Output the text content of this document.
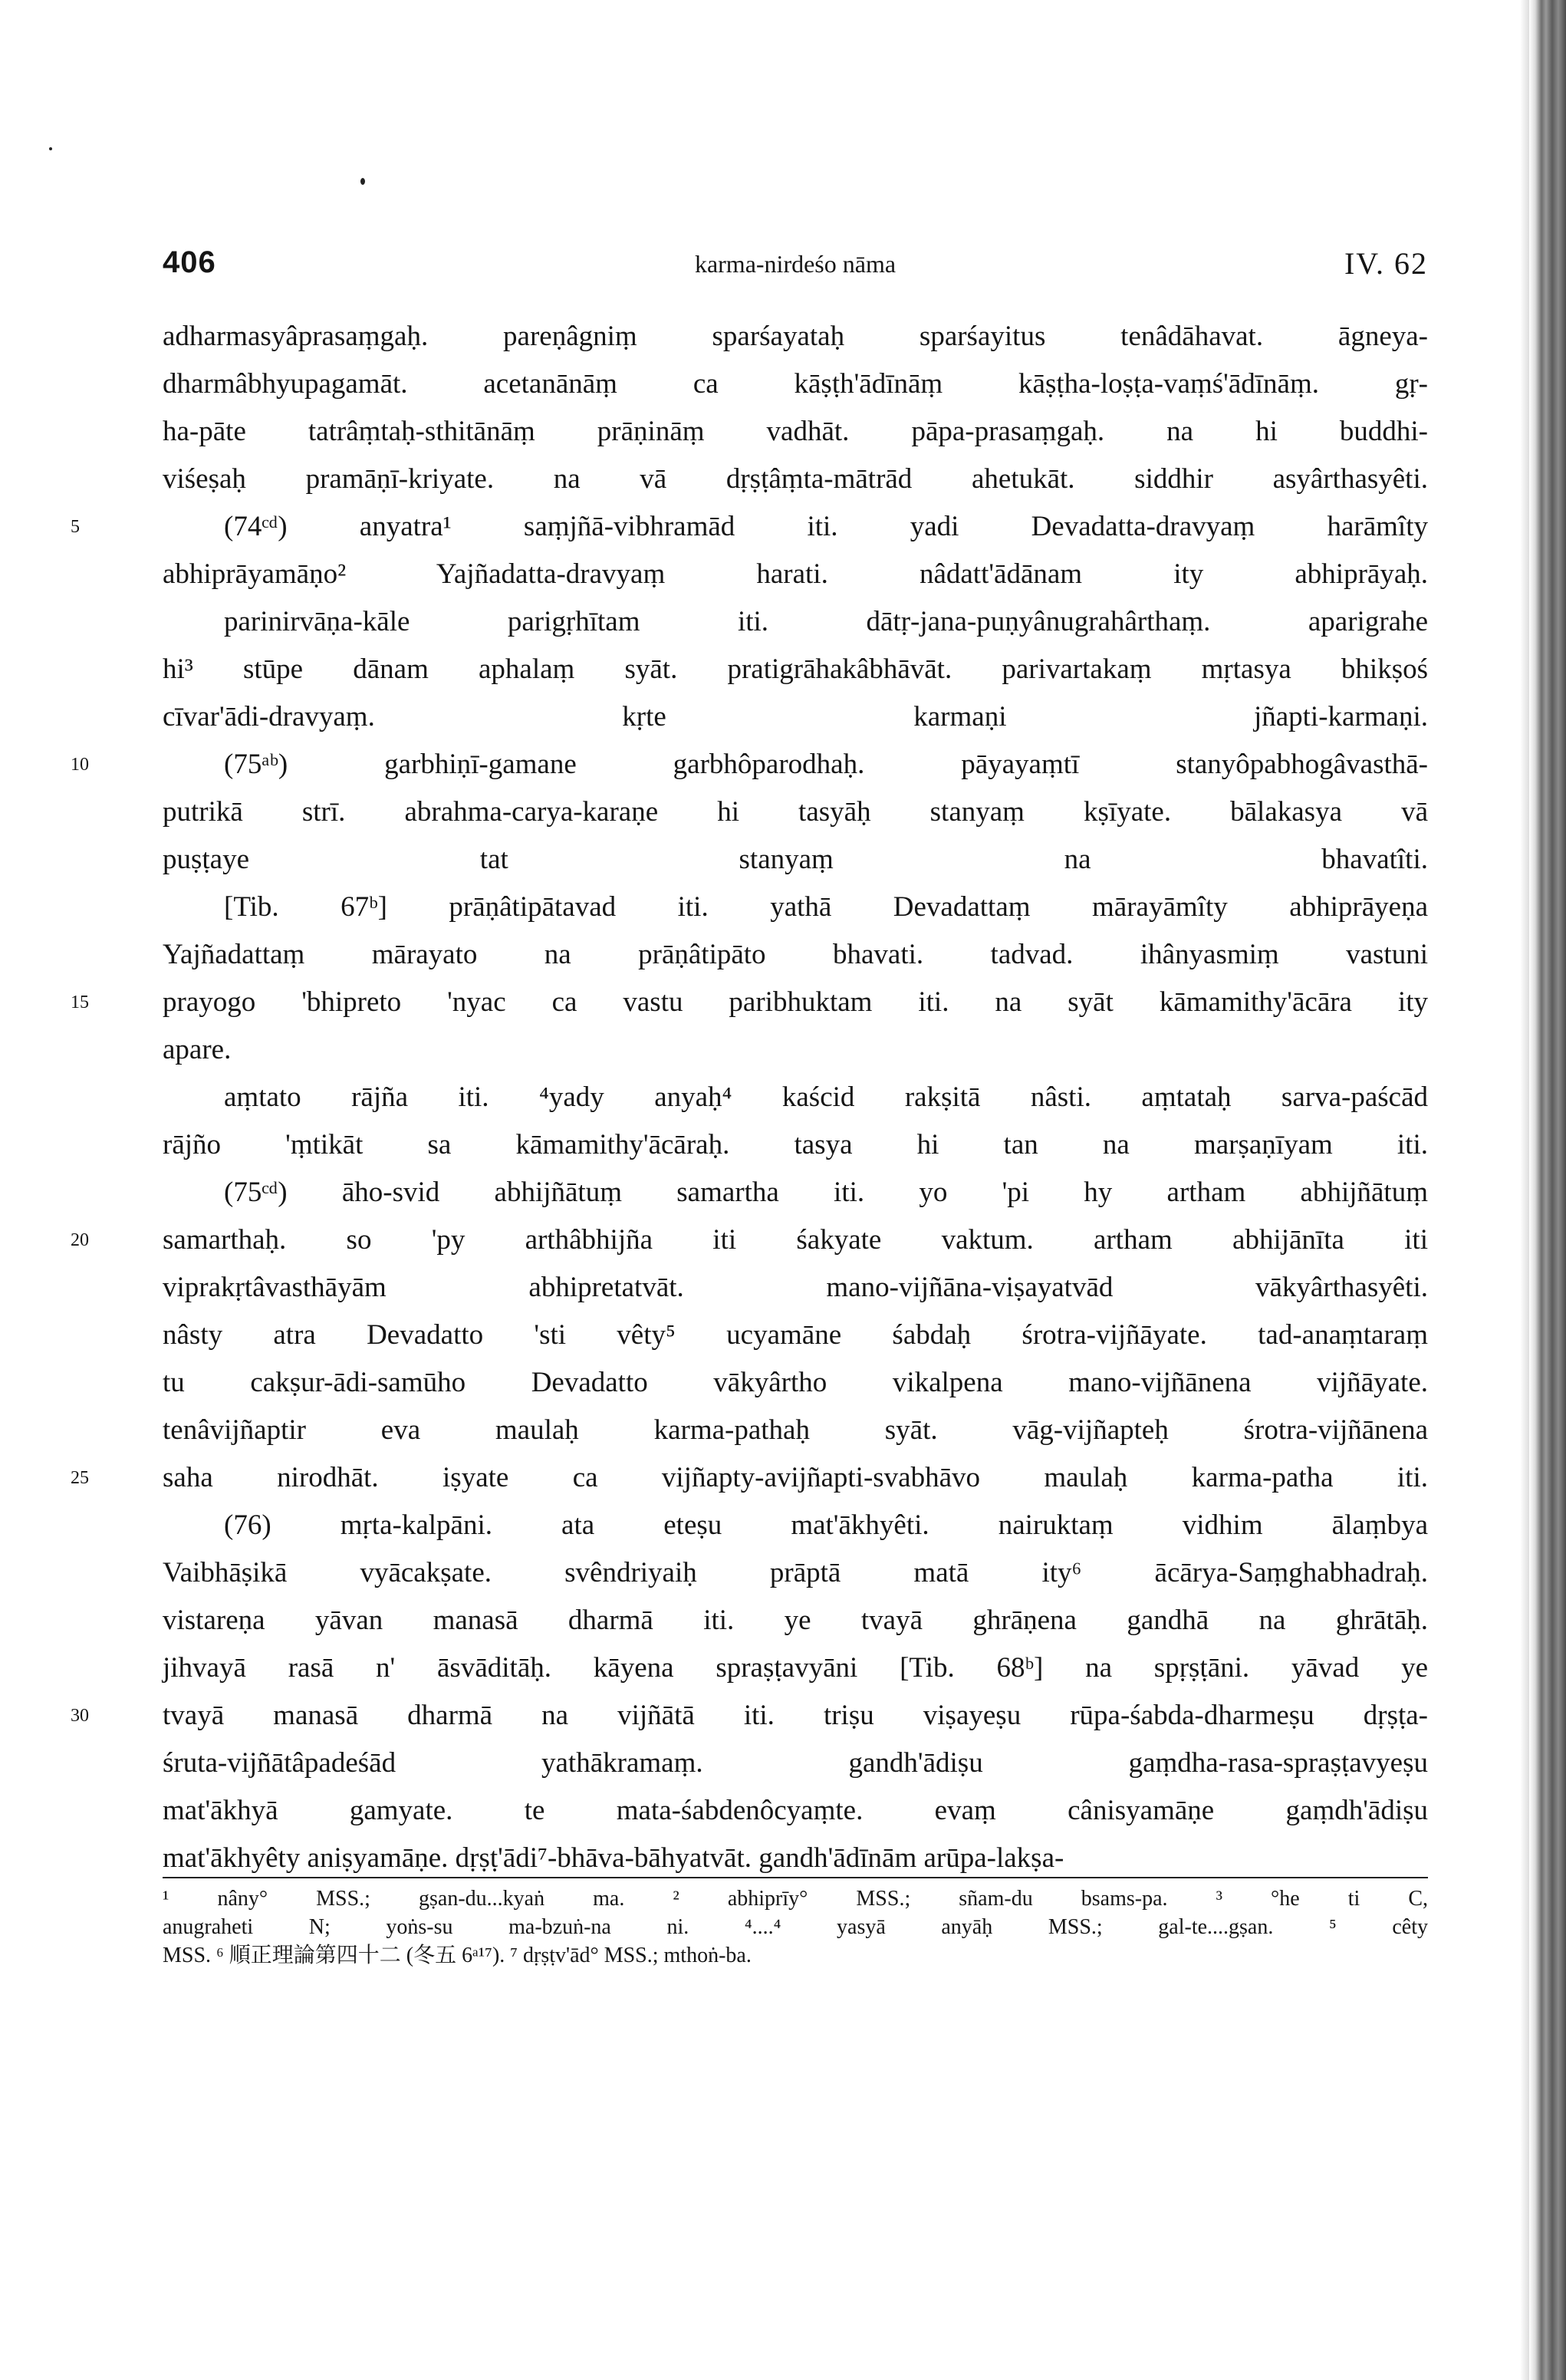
406	karma-nirdeśo nāma	IV. 62
adharmasyâprasaṃgaḥ. pareṇâgniṃ sparśayataḥ sparśayitus tenâdāhavat. āgneya-
dharmâbhyupagamāt. acetanānāṃ ca kāṣṭh'ādīnāṃ kāṣṭha-loṣṭa-vaṃś'ādīnāṃ. gṛ-
ha-pāte tatrâṃtaḥ-sthitānāṃ prāṇināṃ vadhāt. pāpa-prasaṃgaḥ. na hi buddhi-
viśeṣaḥ pramāṇī-kriyate. na vā dṛṣṭâṃta-mātrād ahetukāt. siddhir asyârthasyêti.
5	(74ᶜᵈ) anyatra¹ saṃjñā-vibhramād iti. yadi Devadatta-dravyaṃ harāmîty
abhiprāyamāṇo² Yajñadatta-dravyaṃ harati. nâdatt'ādānam ity abhiprāyaḥ.
parinirvāṇa-kāle parigṛhītam iti. dātṛ-jana-puṇyânugrahârthaṃ. aparigrahe
hi³ stūpe dānam aphalaṃ syāt. pratigrāhakâbhāvāt. parivartakaṃ mṛtasya bhikṣoś
cīvar'ādi-dravyaṃ. kṛte karmaṇi jñapti-karmaṇi.
10	(75ᵃᵇ) garbhiṇī-gamane garbhôparodhaḥ. pāyayaṃtī stanyôpabhogâvasthā-
putrikā strī. abrahma-carya-karaṇe hi tasyāḥ stanyaṃ kṣīyate. bālakasya vā
puṣṭaye tat stanyaṃ na bhavatîti.
[Tib. 67ᵇ] prāṇâtipātavad iti. yathā Devadattaṃ mārayāmîty abhiprāyeṇa
Yajñadattaṃ mārayato na prāṇâtipāto bhavati. tadvad. ihânyasmiṃ vastuni
15	prayogo 'bhipreto 'nyac ca vastu paribhuktam iti. na syāt kāmamithy'ācāra ity
apare.
aṃtato rājña iti. ⁴yady anyaḥ⁴ kaścid rakṣitā nâsti. aṃtataḥ sarva-paścād
rājño 'ṃtikāt sa kāmamithy'ācāraḥ. tasya hi tan na marṣaṇīyam iti.
(75ᶜᵈ) āho-svid abhijñātuṃ samartha iti. yo 'pi hy artham abhijñātuṃ
20	samarthaḥ. so 'py arthâbhijña iti śakyate vaktum. artham abhijānīta iti
viprakṛtâvasthāyām abhipretatvāt. mano-vijñāna-viṣayatvād vākyârthasyêti.
nâsty atra Devadatto 'sti vêty⁵ ucyamāne śabdaḥ śrotra-vijñāyate. tad-anaṃtaraṃ
tu cakṣur-ādi-samūho Devadatto vākyârtho vikalpena mano-vijñānena vijñāyate.
tenâvijñaptir eva maulaḥ karma-pathaḥ syāt. vāg-vijñapteḥ śrotra-vijñānena
25	saha nirodhāt. iṣyate ca vijñapty-avijñapti-svabhāvo maulaḥ karma-patha iti.
(76) mṛta-kalpāni. ata eteṣu mat'ākhyêti. nairuktaṃ vidhim ālaṃbya
Vaibhāṣikā vyācakṣate. svêndriyaiḥ prāptā matā ity⁶ ācārya-Saṃghabhadraḥ.
vistareṇa yāvan manasā dharmā iti. ye tvayā ghrāṇena gandhā na ghrātāḥ.
jihvayā rasā n' āsvāditāḥ. kāyena spraṣṭavyāni [Tib. 68ᵇ] na spṛṣṭāni. yāvad ye
30	tvayā manasā dharmā na vijñātā iti. triṣu viṣayeṣu rūpa-śabda-dharmeṣu dṛṣṭa-
śruta-vijñātâpadeśād yathākramaṃ. gandh'ādiṣu gaṃdha-rasa-spraṣṭavyeṣu
mat'ākhyā gamyate. te mata-śabdenôcyaṃte. evaṃ cânisyamāṇe gaṃdh'ādiṣu
mat'ākhyêty aniṣyamāṇe. dṛṣṭ'ādi⁷-bhāva-bāhyatvāt. gandh'ādīnām arūpa-lakṣa-
¹ nâny° MSS.; gṣan-du...kyaṅ ma. ² abhiprīy° MSS.; sñam-du bsams-pa. ³ °he ti C,
anugraheti N; yoṅs-su ma-bzuṅ-na ni. ⁴....⁴ yasyā anyāḥ MSS.; gal-te....gṣan. ⁵ cêty
MSS. ⁶ 順正理論第四十二 (冬五 6ᵃ¹⁷). ⁷ dṛṣṭv'ād° MSS.; mthoṅ-ba.
